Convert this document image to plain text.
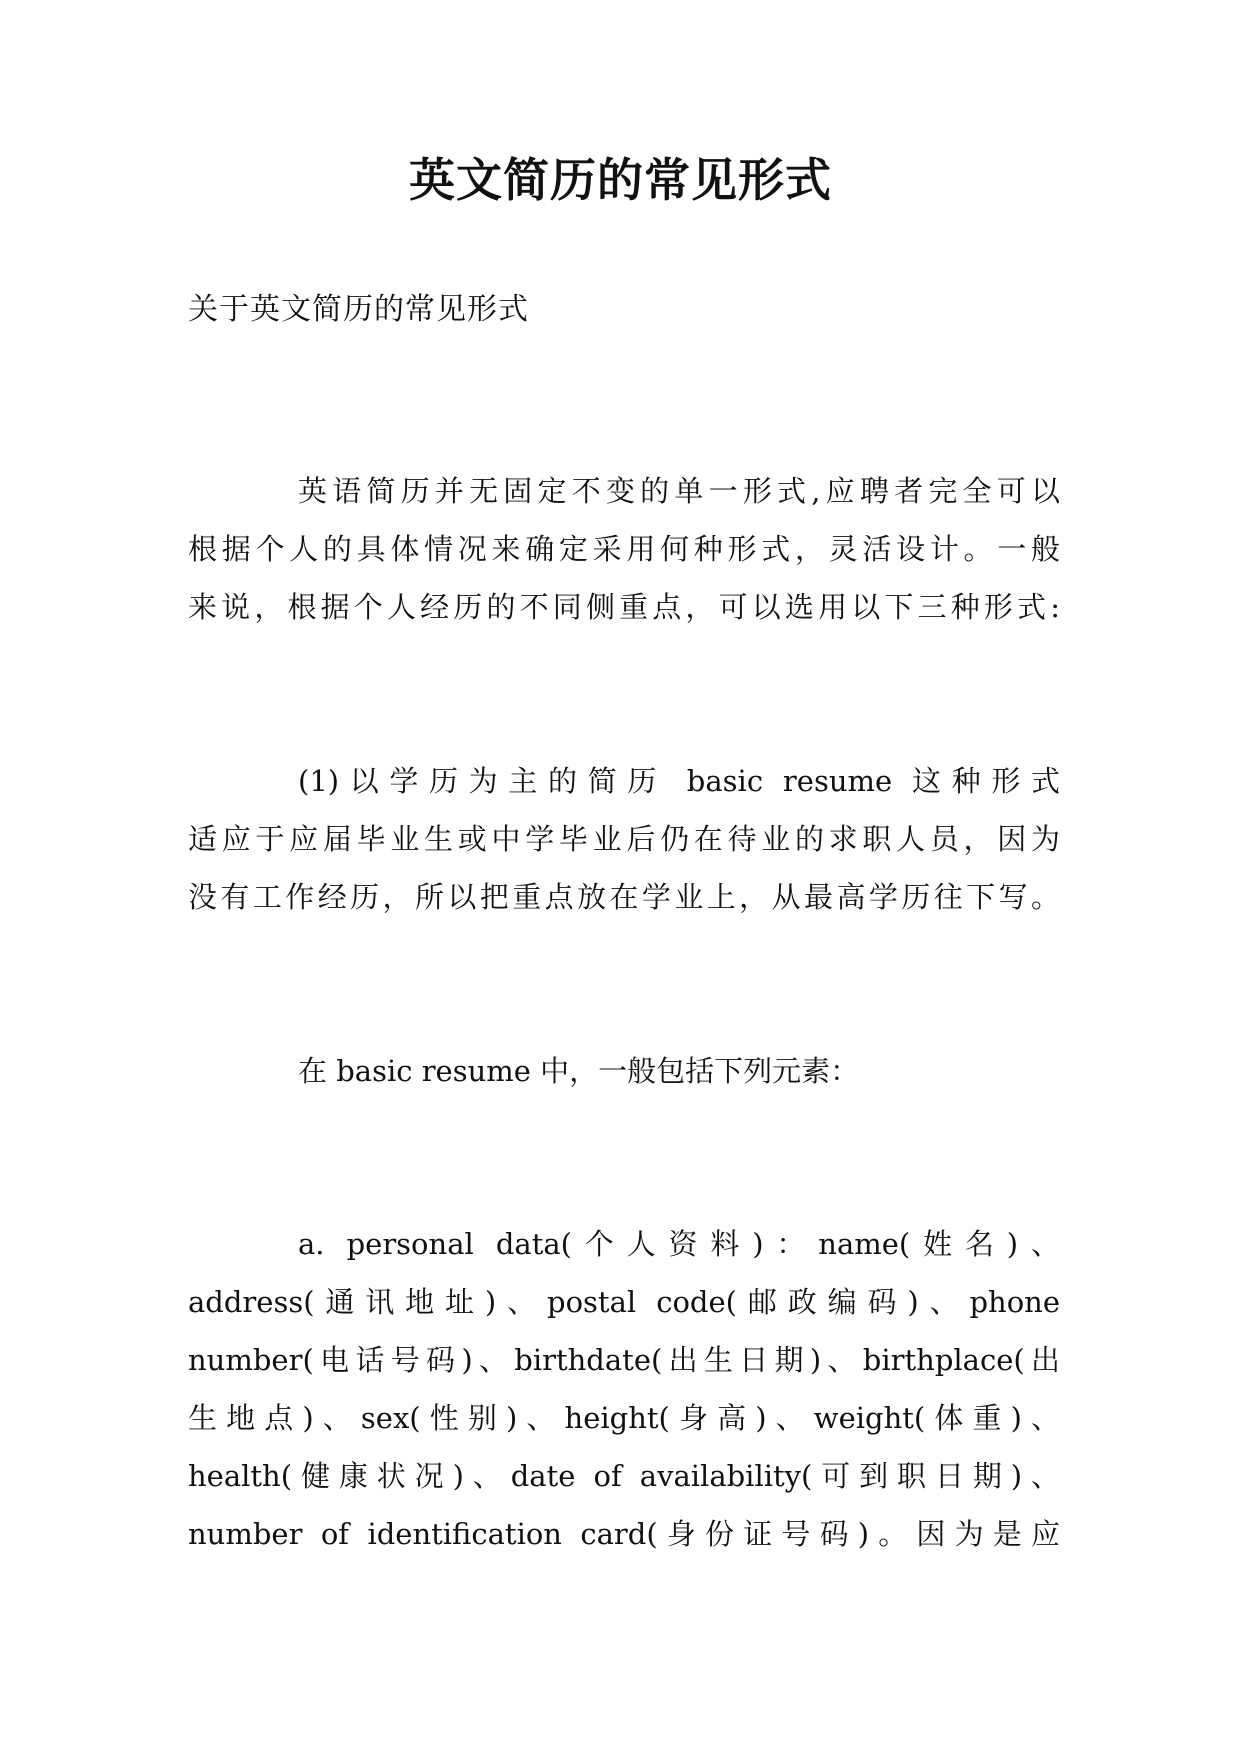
英文简历的常见形式
关于英文简历的常见形式
英语简历并无固定不变的单一形式,应聘者完全可以
根据个人的具体情况来确定采用何种形式，灵活设计。一般
来说，根据个人经历的不同侧重点，可以选用以下三种形式:
(1)以学历为主的简历 basic resume 这种形式
适应于应届毕业生或中学毕业后仍在待业的求职人员，因为
没有工作经历，所以把重点放在学业上，从最高学历往下写。
在 basic resume 中，一般包括下列元素：
a. personal data(个人资料)：name(姓名)、
address(通讯地址)、postal code(邮政编码)、phone
number(电话号码)、birthdate(出生日期)、birthplace(出
生地点)、sex(性别)、height(身高)、weight(体重)、
health(健康状况)、date of availability(可到职日期)、
number of identification card(身份证号码)。因为是应
